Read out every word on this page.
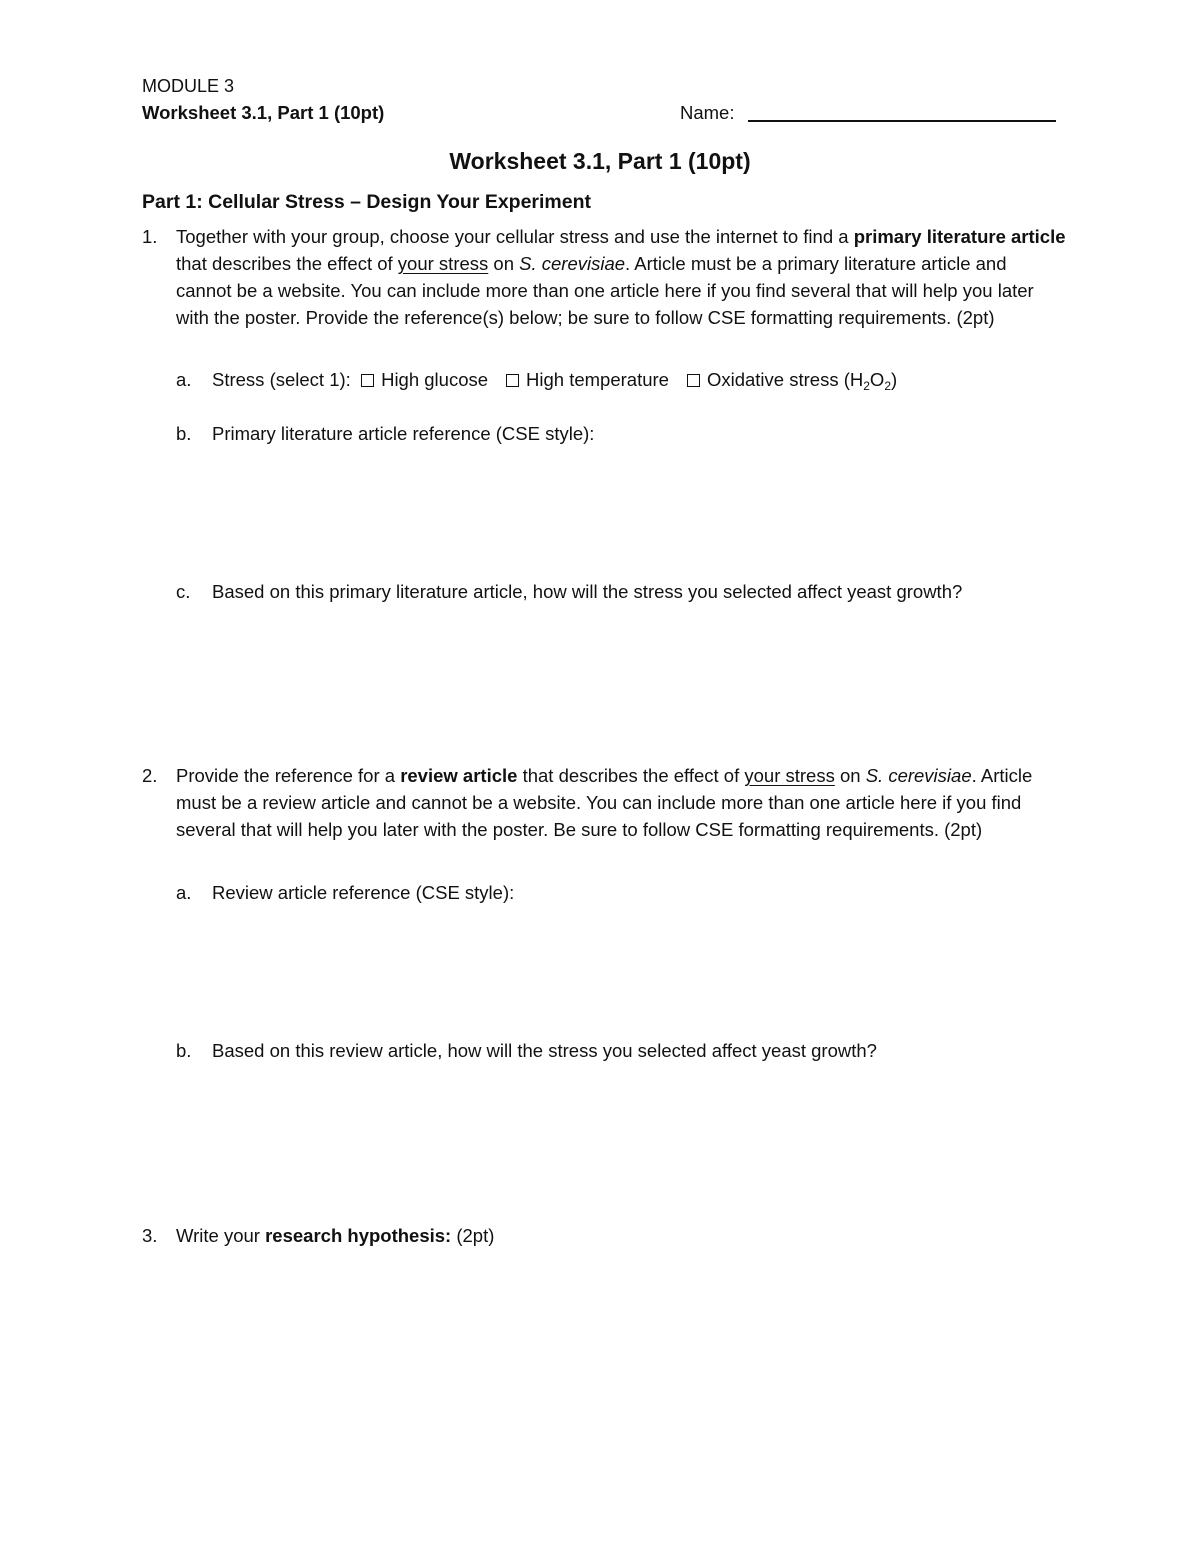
MODULE 3
Worksheet 3.1, Part 1 (10pt)	Name:
Worksheet 3.1, Part 1 (10pt)
Part 1: Cellular Stress – Design Your Experiment
1. Together with your group, choose your cellular stress and use the internet to find a primary literature article that describes the effect of your stress on S. cerevisiae. Article must be a primary literature article and cannot be a website. You can include more than one article here if you find several that will help you later with the poster. Provide the reference(s) below; be sure to follow CSE formatting requirements. (2pt)

a. Stress (select 1): High glucose High temperature Oxidative stress $(H_2O_2)$
b. Primary literature article reference (CSE style):
c. Based on this primary literature article, how will the stress you selected affect yeast growth?
2. Provide the reference for a review article that describes the effect of your stress on S. cerevisiae. Article must be a review article and cannot be a website. You can include more than one article here if you find several that will help you later with the poster. Be sure to follow CSE formatting requirements. (2pt)

a. Review article reference (CSE style):
b. Based on this review article, how will the stress you selected affect yeast growth?
3. Write your research hypothesis: (2pt)
